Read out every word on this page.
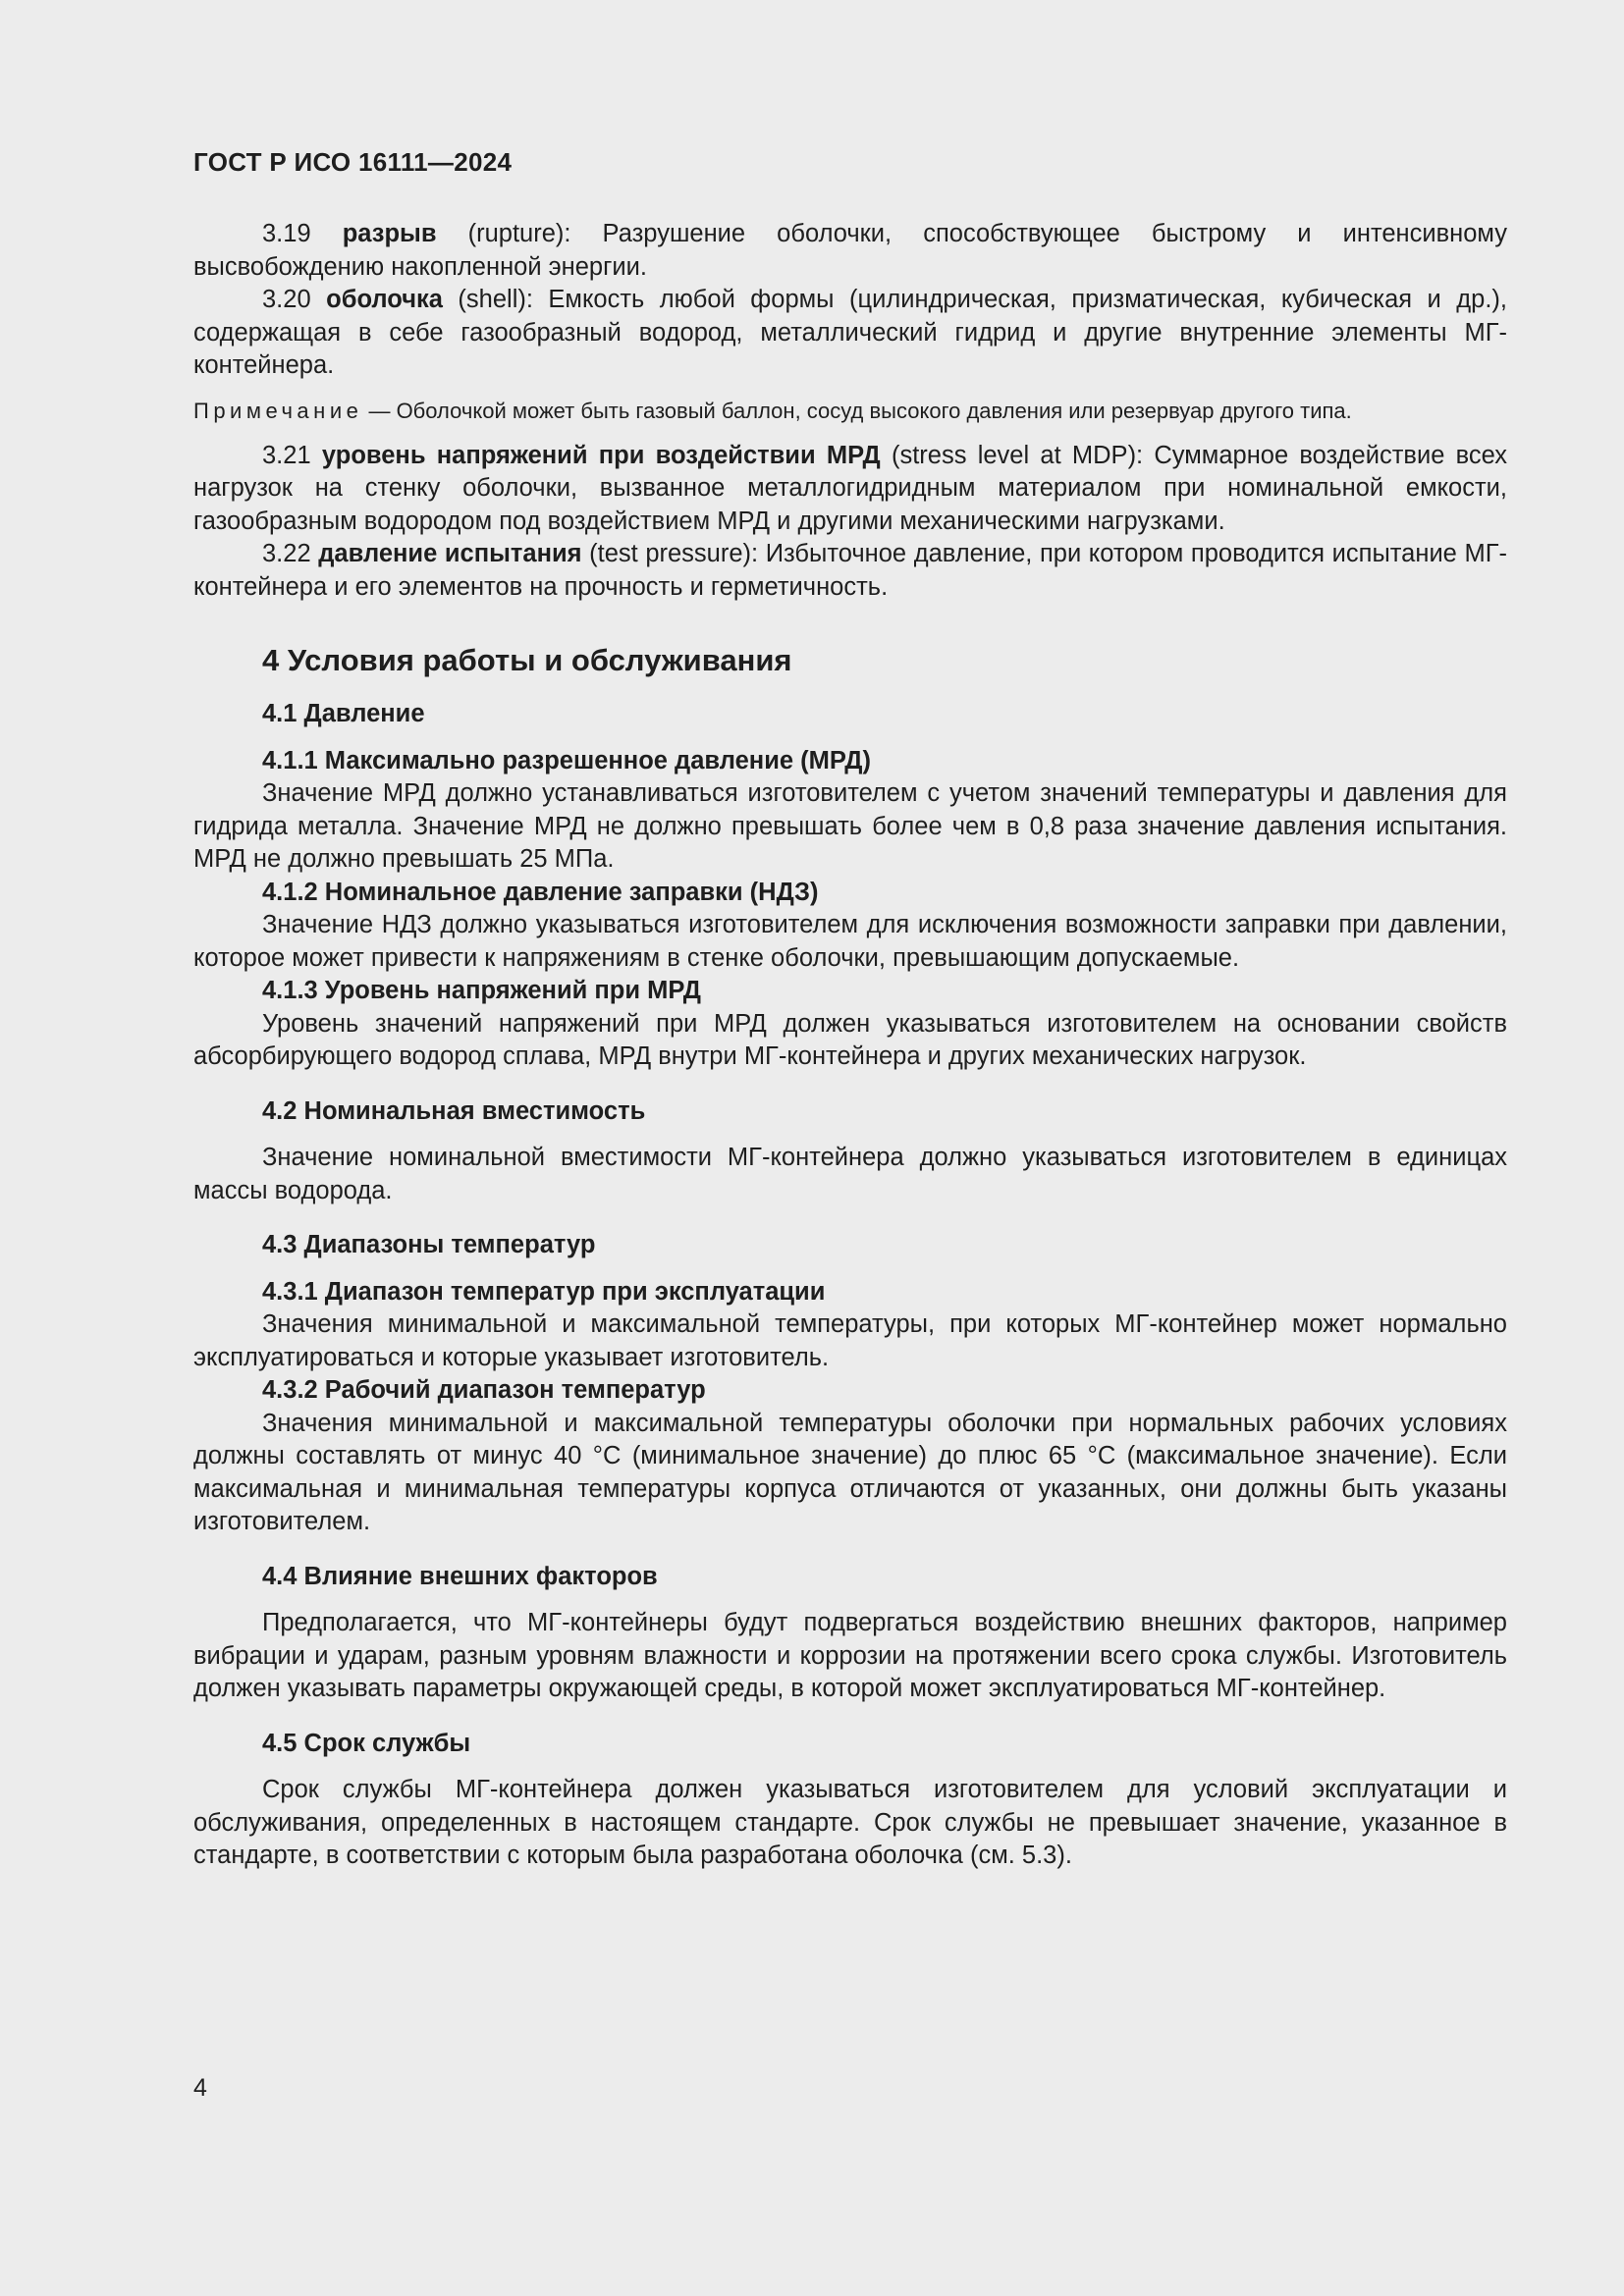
ГОСТ Р ИСО 16111—2024

3.19 разрыв (rupture): Разрушение оболочки, способствующее быстрому и интенсивному высвобождению накопленной энергии.

3.20 оболочка (shell): Емкость любой формы (цилиндрическая, призматическая, кубическая и др.), содержащая в себе газообразный водород, металлический гидрид и другие внутренние элементы МГ-контейнера.

Примечание — Оболочкой может быть газовый баллон, сосуд высокого давления или резервуар другого типа.

3.21 уровень напряжений при воздействии МРД (stress level at MDP): Суммарное воздействие всех нагрузок на стенку оболочки, вызванное металлогидридным материалом при номинальной емкости, газообразным водородом под воздействием МРД и другими механическими нагрузками.

3.22 давление испытания (test pressure): Избыточное давление, при котором проводится испытание МГ-контейнера и его элементов на прочность и герметичность.

4 Условия работы и обслуживания
4.1 Давление
4.1.1 Максимально разрешенное давление (МРД)

Значение МРД должно устанавливаться изготовителем с учетом значений температуры и давления для гидрида металла. Значение МРД не должно превышать более чем в 0,8 раза значение давления испытания. МРД не должно превышать 25 МПа.

4.1.2 Номинальное давление заправки (НДЗ)

Значение НДЗ должно указываться изготовителем для исключения возможности заправки при давлении, которое может привести к напряжениям в стенке оболочки, превышающим допускаемые.

4.1.3 Уровень напряжений при МРД

Уровень значений напряжений при МРД должен указываться изготовителем на основании свойств абсорбирующего водород сплава, МРД внутри МГ-контейнера и других механических нагрузок.

4.2 Номинальная вместимость

Значение номинальной вместимости МГ-контейнера должно указываться изготовителем в единицах массы водорода.

4.3 Диапазоны температур
4.3.1 Диапазон температур при эксплуатации

Значения минимальной и максимальной температуры, при которых МГ-контейнер может нормально эксплуатироваться и которые указывает изготовитель.

4.3.2 Рабочий диапазон температур

Значения минимальной и максимальной температуры оболочки при нормальных рабочих условиях должны составлять от минус 40 °С (минимальное значение) до плюс 65 °С (максимальное значение). Если максимальная и минимальная температуры корпуса отличаются от указанных, они должны быть указаны изготовителем.

4.4 Влияние внешних факторов

Предполагается, что МГ-контейнеры будут подвергаться воздействию внешних факторов, например вибрации и ударам, разным уровням влажности и коррозии на протяжении всего срока службы. Изготовитель должен указывать параметры окружающей среды, в которой может эксплуатироваться МГ-контейнер.

4.5 Срок службы

Срок службы МГ-контейнера должен указываться изготовителем для условий эксплуатации и обслуживания, определенных в настоящем стандарте. Срок службы не превышает значение, указанное в стандарте, в соответствии с которым была разработана оболочка (см. 5.3).

4
